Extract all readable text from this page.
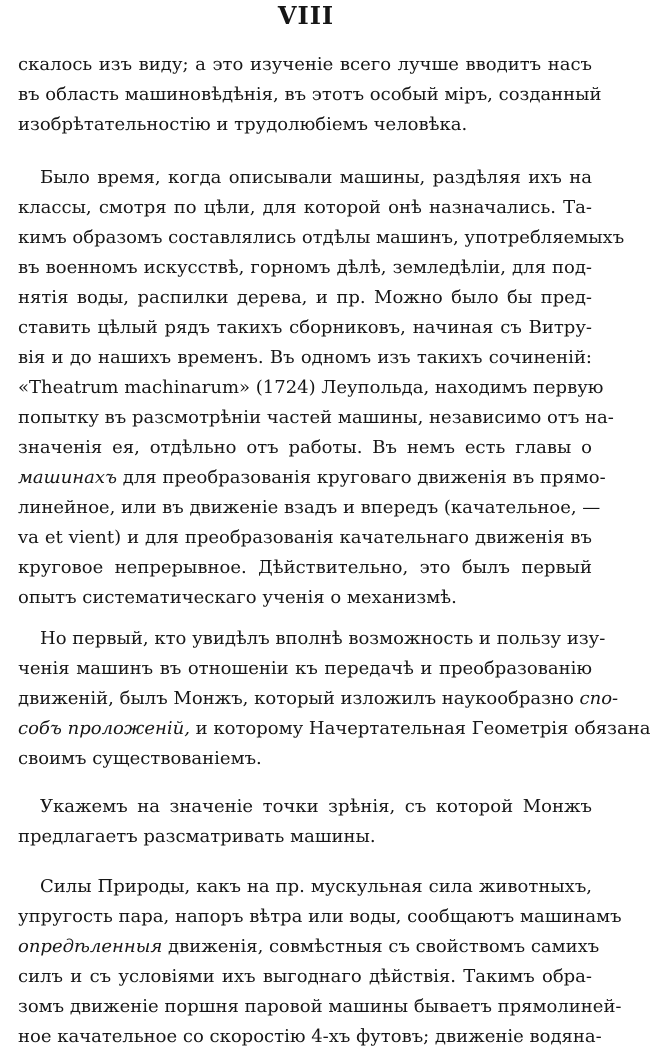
VIII
скалось изъ виду; а это изученіе всего лучше вводитъ насъ
въ область машиновѣдѣнія, въ этотъ особый міръ, созданный
изобрѣтательностію и трудолюбіемъ человѣка.
Было время, когда описывали машины, раздѣляя ихъ на
классы, смотря по цѣли, для которой онѣ назначались. Та-
кимъ образомъ составлялись отдѣлы машинъ, употребляемыхъ
въ военномъ искусствѣ, горномъ дѣлѣ, земледѣліи, для под-
нятія воды, распилки дерева, и пр. Можно было бы пред-
ставить цѣлый рядъ такихъ сборниковъ, начиная съ Витру-
вія и до нашихъ временъ. Въ одномъ изъ такихъ сочиненій:
«Theatrum machinarum» (1724) Леупольда, находимъ первую
попытку въ разсмотрѣніи частей машины, независимо отъ на-
значенія ея, отдѣльно отъ работы. Въ немъ есть главы о
машинахъ для преобразованія круговаго движенія въ прямо-
линейное, или въ движеніе взадъ и впередъ (качательное, —
va et vient) и для преобразованія качательнаго движенія въ
круговое непрерывное. Дѣйствительно, это былъ первый
опытъ систематическаго ученія о механизмѣ.
Но первый, кто увидѣлъ вполнѣ возможность и пользу изу-
ченія машинъ въ отношеніи къ передачѣ и преобразованію
движеній, былъ Монжъ, который изложилъ наукообразно спо-
собъ проложеній, и которому Начертательная Геометрія обязана
своимъ существованіемъ.
Укажемъ на значеніе точки зрѣнія, съ которой Монжъ
предлагаетъ разсматривать машины.
Силы Природы, какъ на пр. мускульная сила животныхъ,
упругость пара, напоръ вѣтра или воды, сообщаютъ машинамъ
опредѣленныя движенія, совмѣстныя съ свойствомъ самихъ
силъ и съ условіями ихъ выгоднаго дѣйствія. Такимъ обра-
зомъ движеніе поршня паровой машины бываетъ прямолиней-
ное качательное со скоростію 4-хъ футовъ; движеніе водяна-
